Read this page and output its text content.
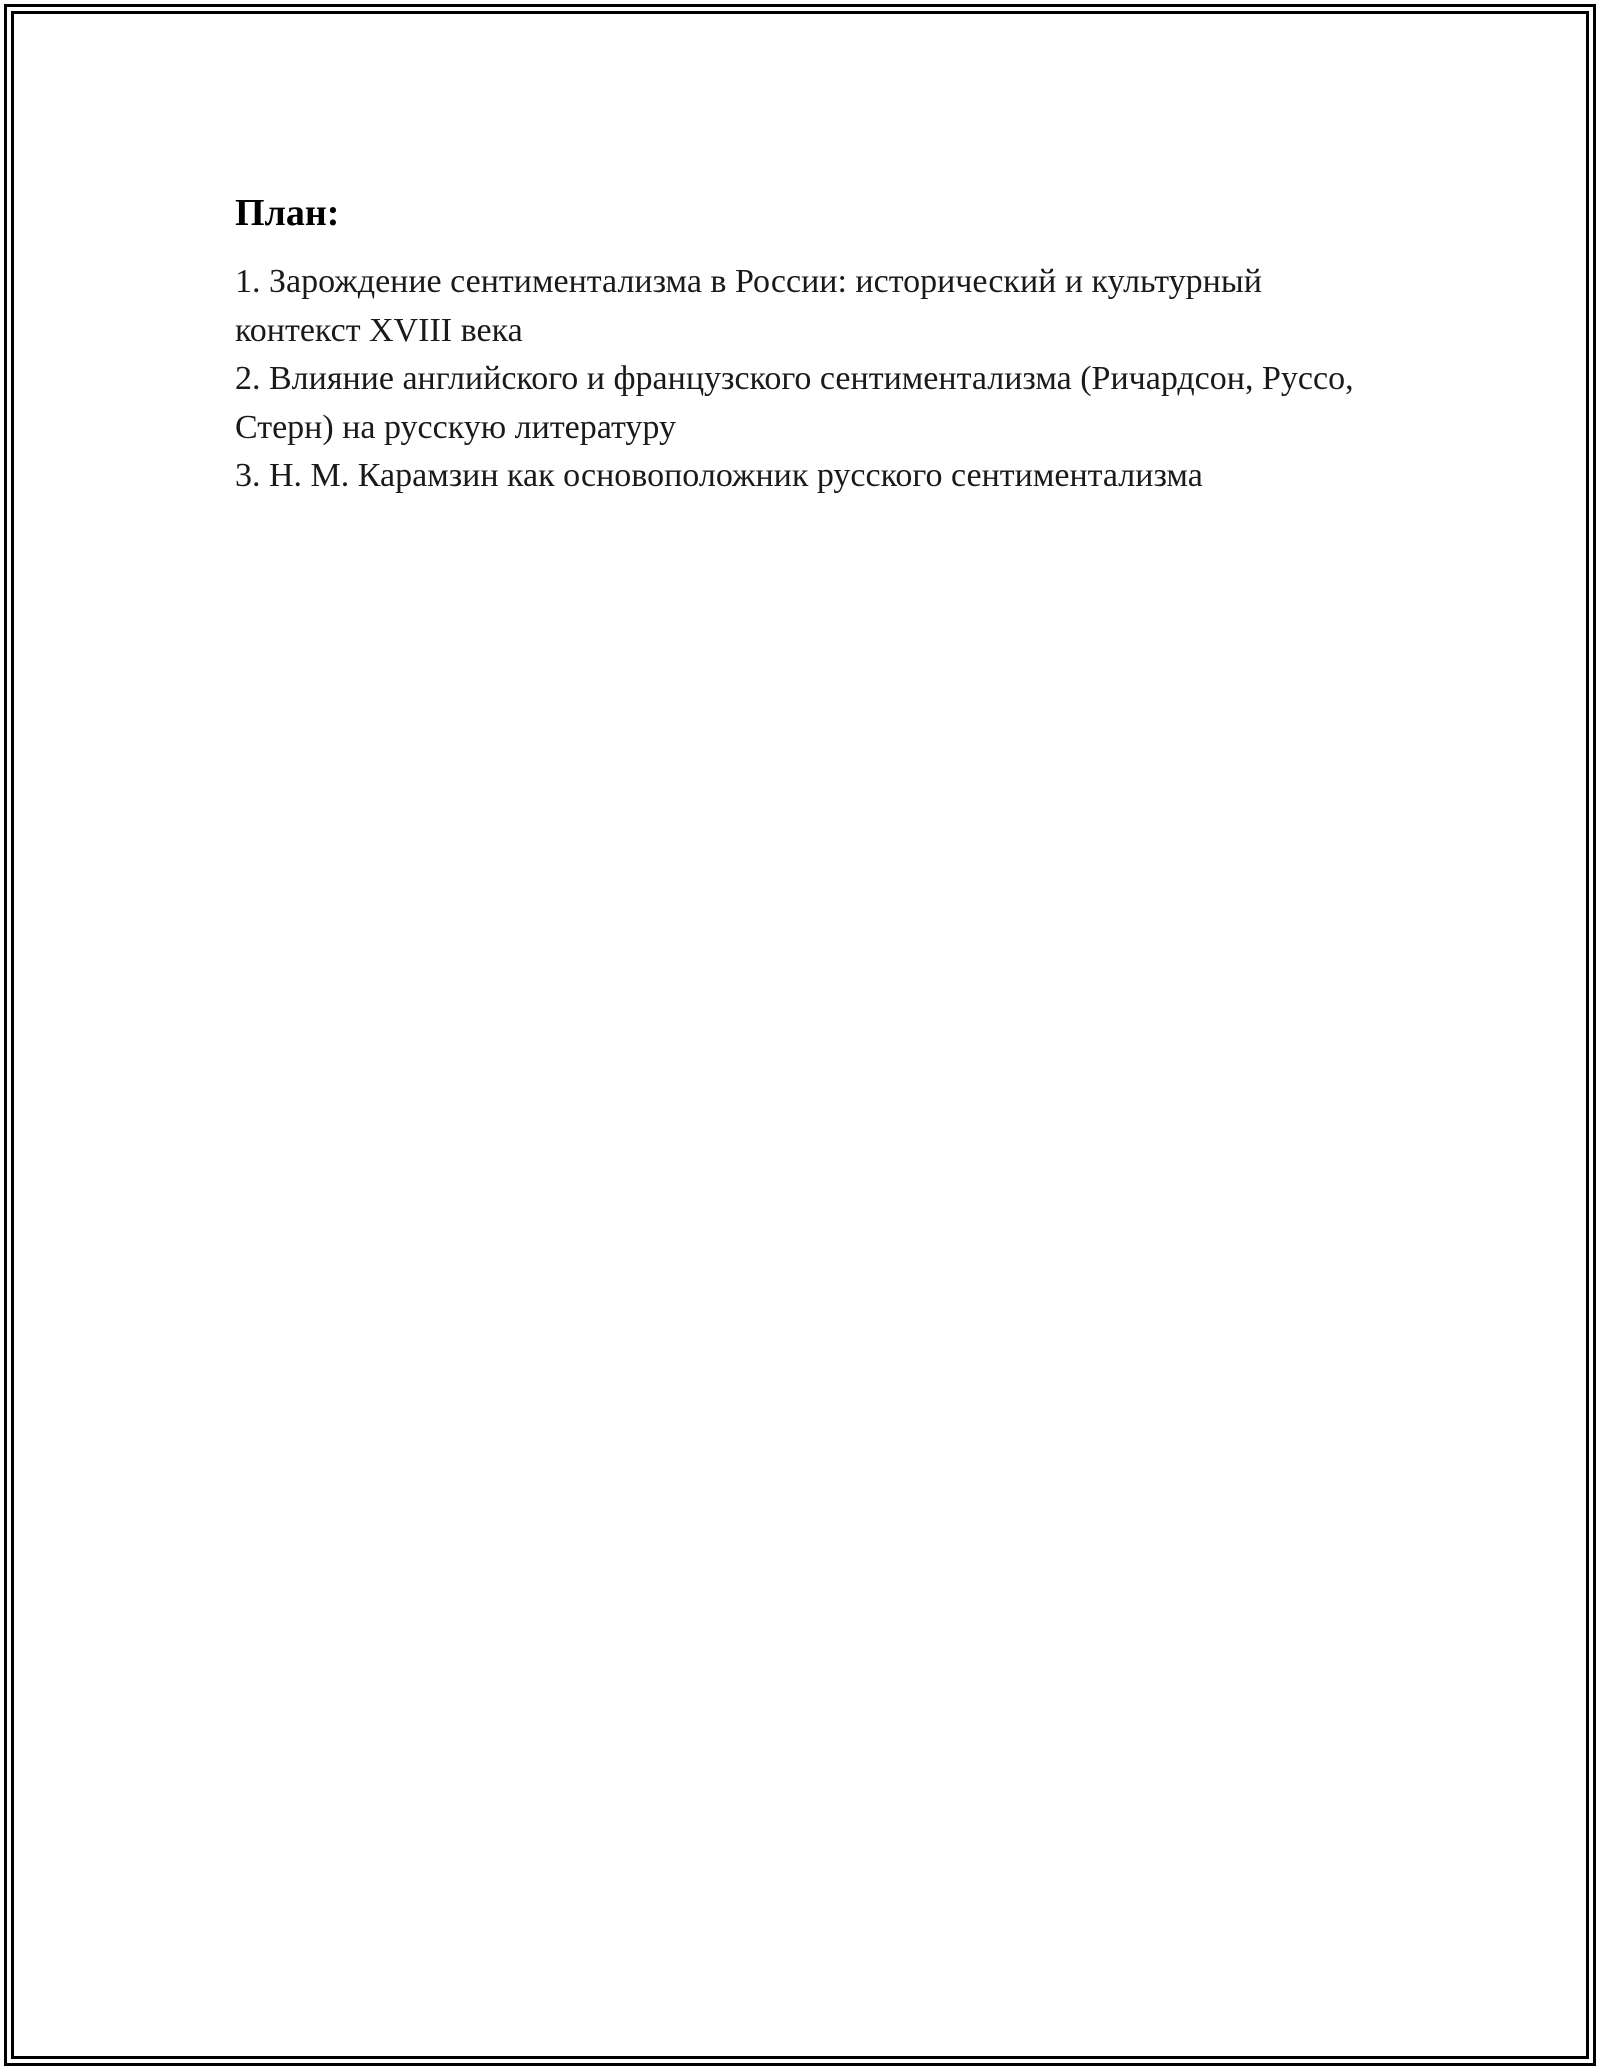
План:
1. Зарождение сентиментализма в России: исторический и культурный контекст XVIII века
2. Влияние английского и французского сентиментализма (Ричардсон, Руссо, Стерн) на русскую литературу
3. Н. М. Карамзин как основоположник русского сентиментализма
